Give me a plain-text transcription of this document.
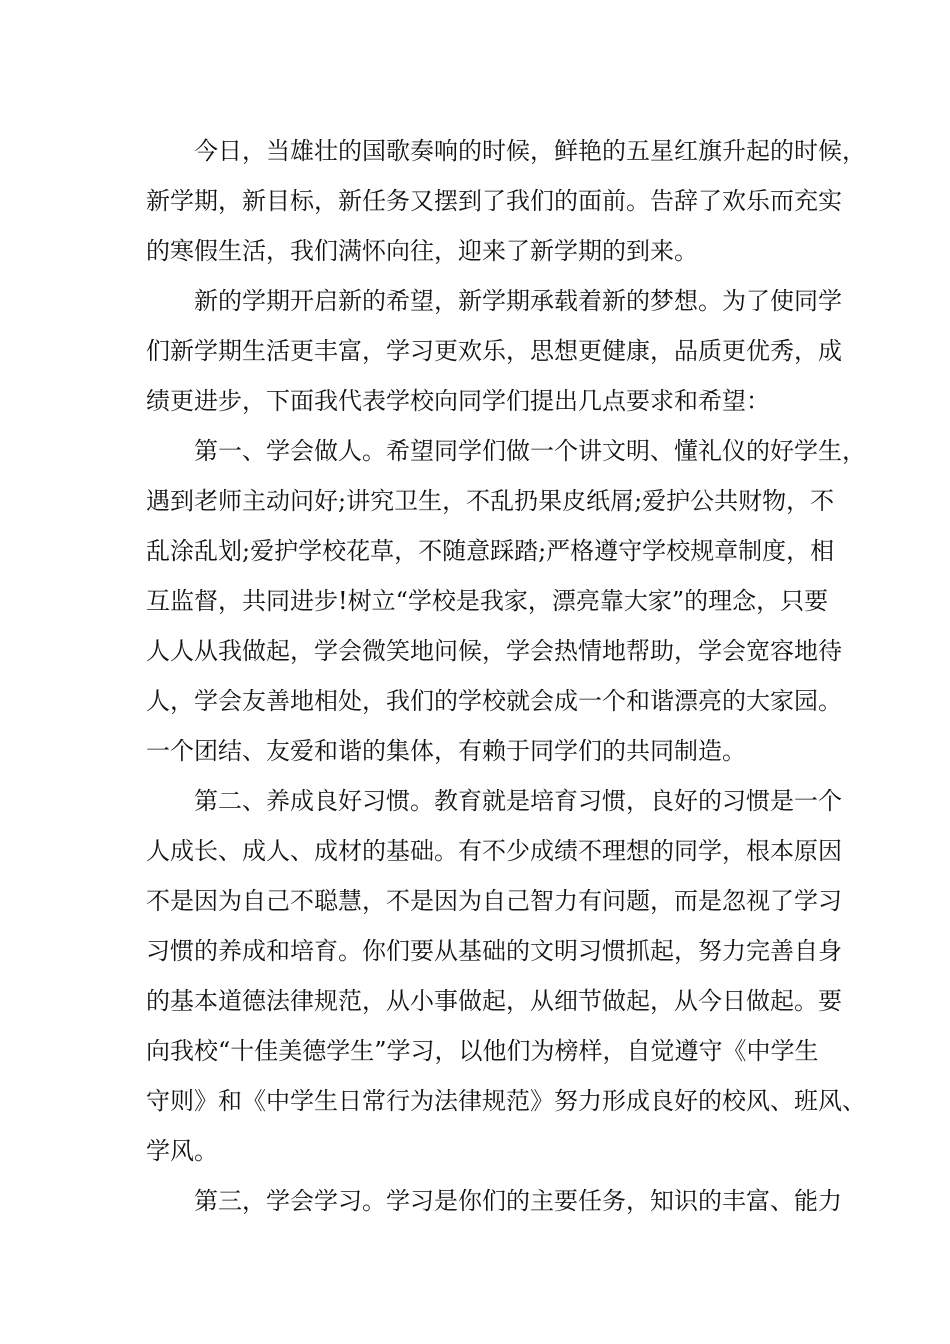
今日，当雄壮的国歌奏响的时候，鲜艳的五星红旗升起的时候，
新学期，新目标，新任务又摆到了我们的面前。告辞了欢乐而充实
的寒假生活，我们满怀向往，迎来了新学期的到来。
新的学期开启新的希望，新学期承载着新的梦想。为了使同学
们新学期生活更丰富，学习更欢乐，思想更健康，品质更优秀，成
绩更进步，下面我代表学校向同学们提出几点要求和希望：
第一、学会做人。希望同学们做一个讲文明、懂礼仪的好学生，
遇到老师主动问好;讲究卫生，不乱扔果皮纸屑;爱护公共财物，不
乱涂乱划;爱护学校花草，不随意踩踏;严格遵守学校规章制度，相
互监督，共同进步!树立“学校是我家，漂亮靠大家”的理念，只要
人人从我做起，学会微笑地问候，学会热情地帮助，学会宽容地待
人，学会友善地相处，我们的学校就会成一个和谐漂亮的大家园。
一个团结、友爱和谐的集体，有赖于同学们的共同制造。
第二、养成良好习惯。教育就是培育习惯，良好的习惯是一个
人成长、成人、成材的基础。有不少成绩不理想的同学，根本原因
不是因为自己不聪慧，不是因为自己智力有问题，而是忽视了学习
习惯的养成和培育。你们要从基础的文明习惯抓起，努力完善自身
的基本道德法律规范，从小事做起，从细节做起，从今日做起。要
向我校“十佳美德学生”学习，以他们为榜样，自觉遵守《中学生
守则》和《中学生日常行为法律规范》努力形成良好的校风、班风、
学风。
第三，学会学习。学习是你们的主要任务，知识的丰富、能力
